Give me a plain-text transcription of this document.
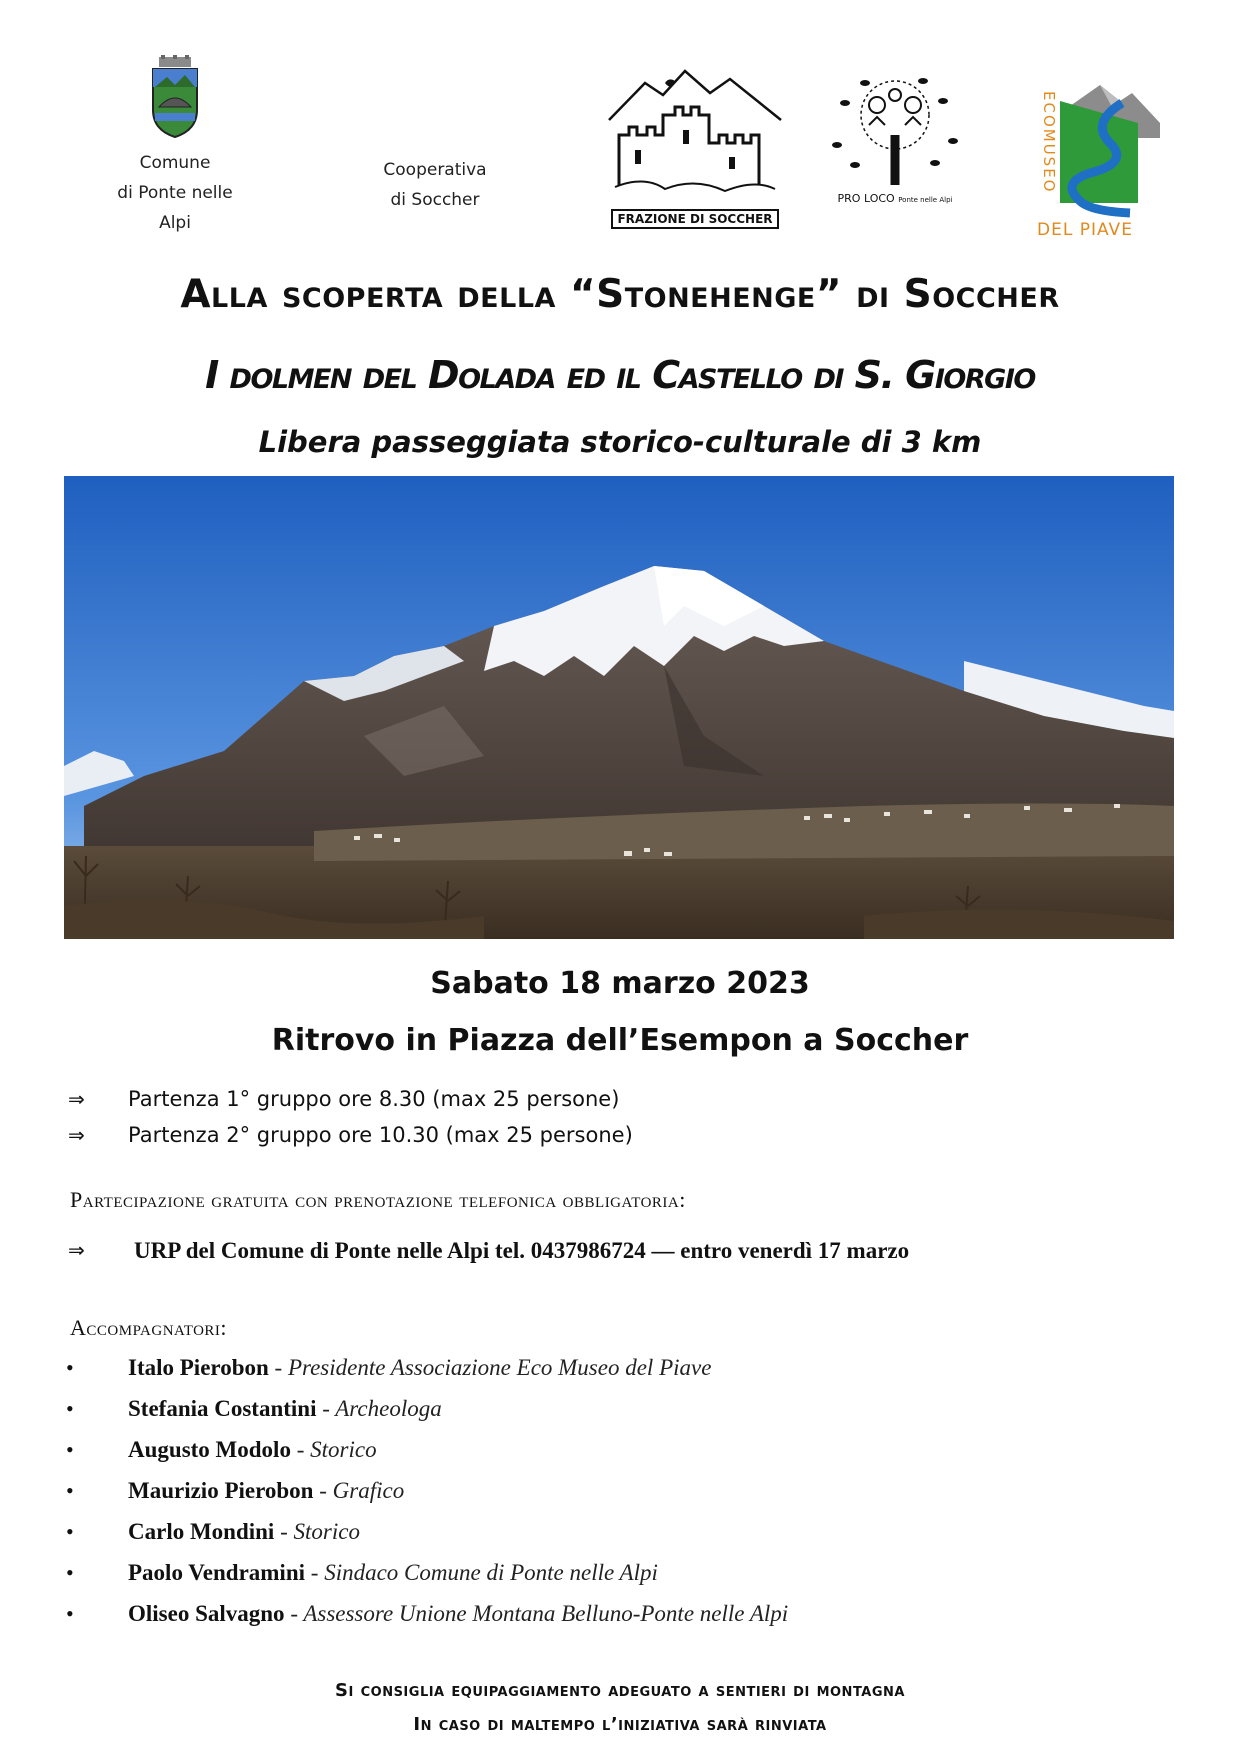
Comune
di Ponte nelle Alpi
Cooperativa
di Soccher
FRAZIONE DI SOCCHER
PRO LOCO Ponte nelle Alpi
ECOMUSEO
DEL PIAVE
Alla scoperta della “Stonehenge” di Soccher
I dolmen del Dolada ed il Castello di S. Giorgio
Libera passeggiata storico-culturale di 3 km
Sabato 18 marzo 2023
Ritrovo in Piazza dell’Esempon a Soccher
⇒ Partenza 1° gruppo ore 8.30 (max 25 persone)
⇒ Partenza 2° gruppo ore 10.30 (max 25 persone)
Partecipazione gratuita con prenotazione telefonica obbligatoria:
⇒ URP del Comune di Ponte nelle Alpi tel. 0437986724 — entro venerdì 17 marzo
Accompagnatori:
• Italo Pierobon - Presidente Associazione Eco Museo del Piave
• Stefania Costantini - Archeologa
• Augusto Modolo - Storico
• Maurizio Pierobon - Grafico
• Carlo Mondini - Storico
• Paolo Vendramini - Sindaco Comune di Ponte nelle Alpi
• Oliseo Salvagno - Assessore Unione Montana Belluno-Ponte nelle Alpi
Si consiglia equipaggiamento adeguato a sentieri di montagna
In caso di maltempo l’iniziativa sarà rinviata
